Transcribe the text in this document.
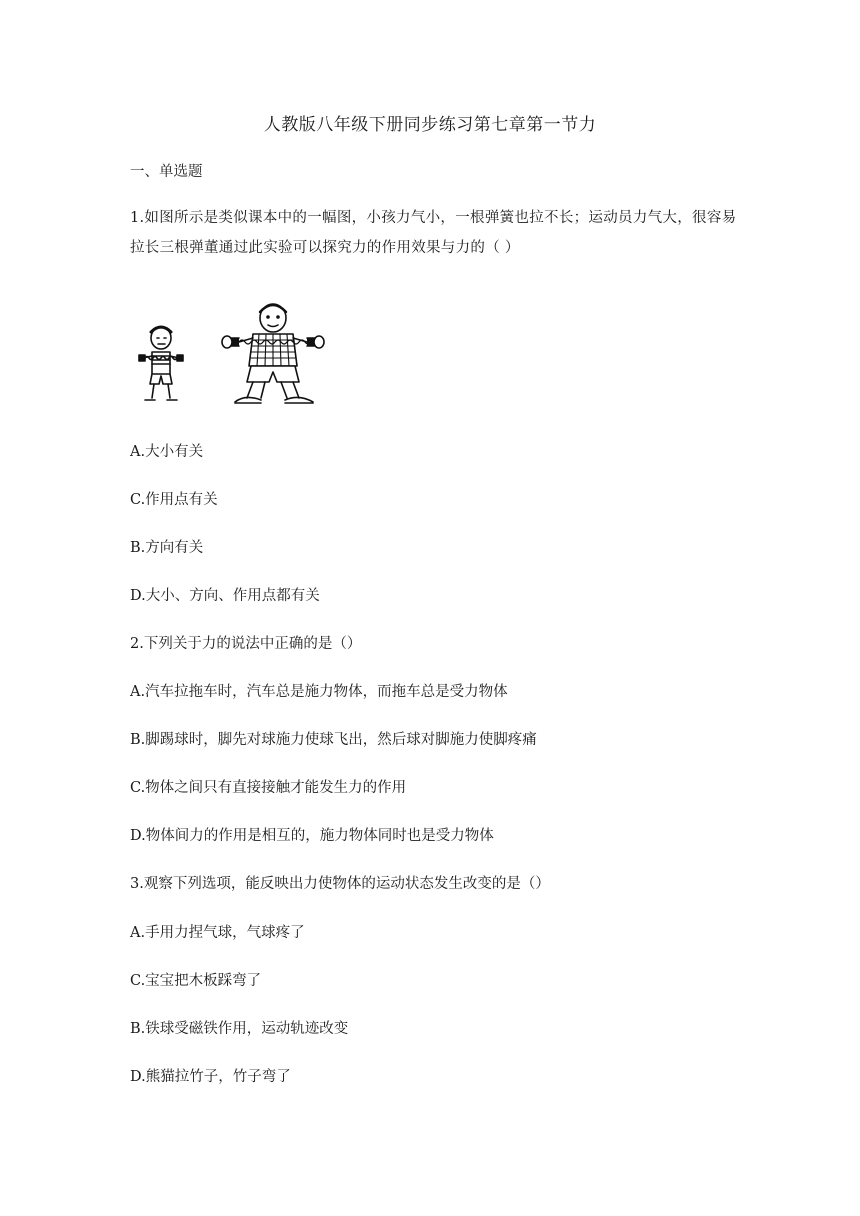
人教版八年级下册同步练习第七章第一节力
一、单选题
1.如图所示是类似课本中的一幅图，小孩力气小，一根弹簧也拉不长；运动员力气大，很容易拉长三根弹董通过此实验可以探究力的作用效果与力的（ ）
A.大小有关
C.作用点有关
B.方向有关
D.大小、方向、作用点都有关
2.下列关于力的说法中正确的是（）
A.汽车拉拖车时，汽车总是施力物体，而拖车总是受力物体
B.脚踢球时，脚先对球施力使球飞出，然后球对脚施力使脚疼痛
C.物体之间只有直接接触才能发生力的作用
D.物体间力的作用是相互的，施力物体同时也是受力物体
3.观察下列选项，能反映出力使物体的运动状态发生改变的是（）
A.手用力捏气球，气球疼了
C.宝宝把木板踩弯了
B.铁球受磁铁作用，运动轨迹改变
D.熊猫拉竹子，竹子弯了
